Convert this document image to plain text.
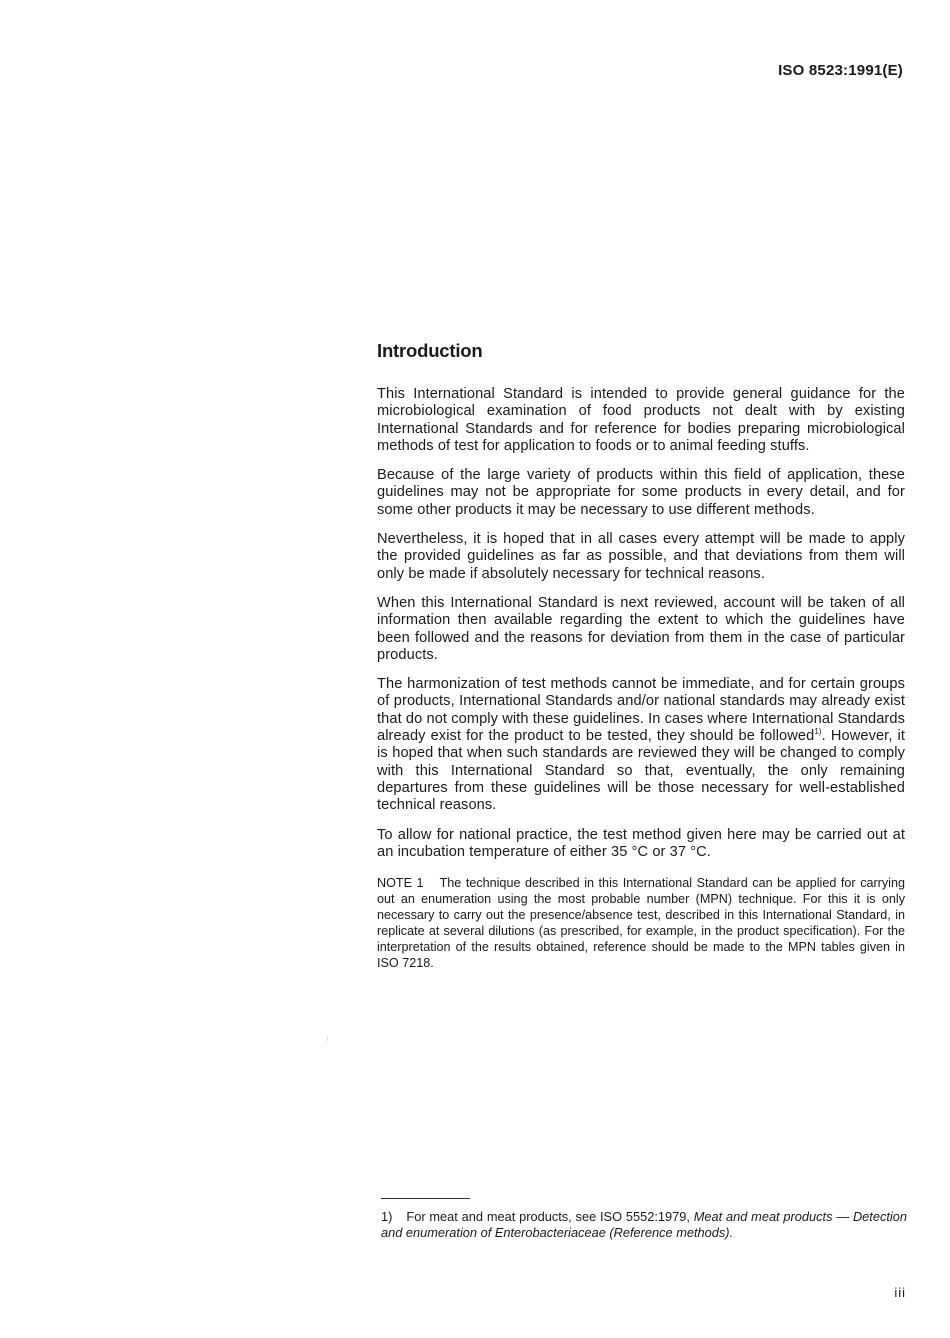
ISO 8523:1991(E)
Introduction

This International Standard is intended to provide general guidance for the microbiological examination of food products not dealt with by existing International Standards and for reference for bodies preparing microbiological methods of test for application to foods or to animal feeding stuffs.

Because of the large variety of products within this field of application, these guidelines may not be appropriate for some products in every detail, and for some other products it may be necessary to use different methods.

Nevertheless, it is hoped that in all cases every attempt will be made to apply the provided guidelines as far as possible, and that deviations from them will only be made if absolutely necessary for technical reasons.

When this International Standard is next reviewed, account will be taken of all information then available regarding the extent to which the guidelines have been followed and the reasons for deviation from them in the case of particular products.

The harmonization of test methods cannot be immediate, and for certain groups of products, International Standards and/or national standards may already exist that do not comply with these guidelines. In cases where International Standards already exist for the product to be tested, they should be followed$^{1)}$. However, it is hoped that when such standards are reviewed they will be changed to comply with this International Standard so that, eventually, the only remaining departures from these guidelines will be those necessary for well-established technical reasons.

To allow for national practice, the test method given here may be carried out at an incubation temperature of either 35 °C or 37 °C.

NOTE 1 The technique described in this International Standard can be applied for carrying out an enumeration using the most probable number (MPN) technique. For this it is only necessary to carry out the presence/absence test, described in this International Standard, in replicate at several dilutions (as prescribed, for example, in the product specification). For the interpretation of the results obtained, reference should be made to the MPN tables given in ISO 7218.

1) For meat and meat products, see ISO 5552:1979, Meat and meat products — Detection and enumeration of Enterobacteriaceae (Reference methods).
iii
